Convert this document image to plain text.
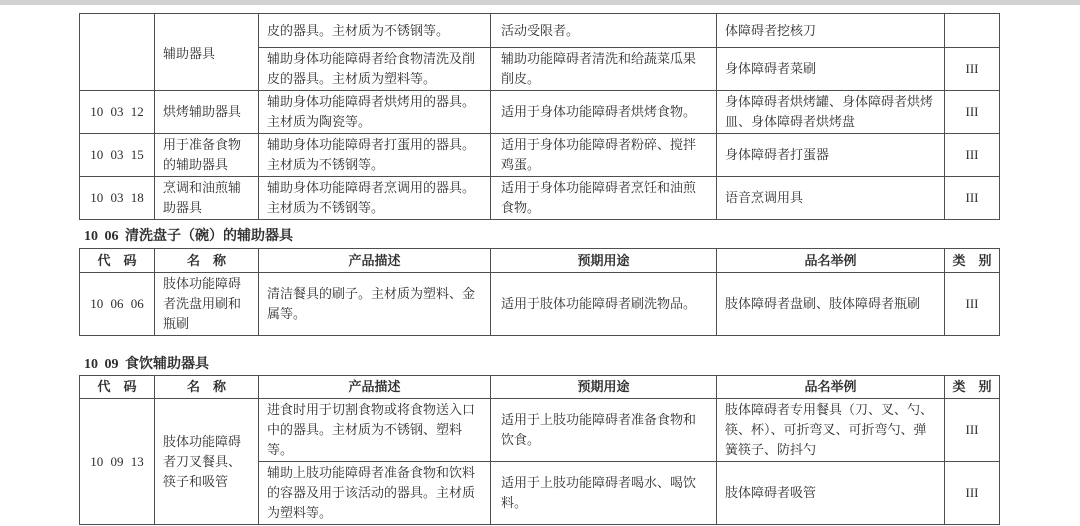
	辅助器具	皮的器具。主材质为不锈钢等。	活动受限者。	体障碍者挖核刀	
		辅助身体功能障碍者给食物清洗及削皮的器具。主材质为塑料等。	辅助功能障碍者清洗和给蔬菜瓜果削皮。	身体障碍者菜刷	III
10 03 12	烘烤辅助器具	辅助身体功能障碍者烘烤用的器具。主材质为陶瓷等。	适用于身体功能障碍者烘烤食物。	身体障碍者烘烤罐、身体障碍者烘烤皿、身体障碍者烘烤盘	III
10 03 15	用于准备食物的辅助器具	辅助身体功能障碍者打蛋用的器具。主材质为不锈钢等。	适用于身体功能障碍者粉碎、搅拌鸡蛋。	身体障碍者打蛋器	III
10 03 18	烹调和油煎辅助器具	辅助身体功能障碍者烹调用的器具。主材质为不锈钢等。	适用于身体功能障碍者烹饪和油煎食物。	语音烹调用具	III
10 06 清洗盘子（碗）的辅助器具
代　码	名　称	产品描述	预期用途	品名举例	类　别
10 06 06	肢体功能障碍者洗盘用刷和瓶刷	清洁餐具的刷子。主材质为塑料、金属等。	适用于肢体功能障碍者刷洗物品。	肢体障碍者盘刷、肢体障碍者瓶刷	III
10 09 食饮辅助器具
代　码	名　称	产品描述	预期用途	品名举例	类　别
10 09 13	肢体功能障碍者刀叉餐具、筷子和吸管	进食时用于切割食物或将食物送入口中的器具。主材质为不锈钢、塑料等。	适用于上肢功能障碍者准备食物和饮食。	肢体障碍者专用餐具（刀、叉、勺、筷、杯）、可折弯叉、可折弯勺、弹簧筷子、防抖勺	III
		辅助上肢功能障碍者准备食物和饮料的容器及用于该活动的器具。主材质为塑料等。	适用于上肢功能障碍者喝水、喝饮料。	肢体障碍者吸管	III
